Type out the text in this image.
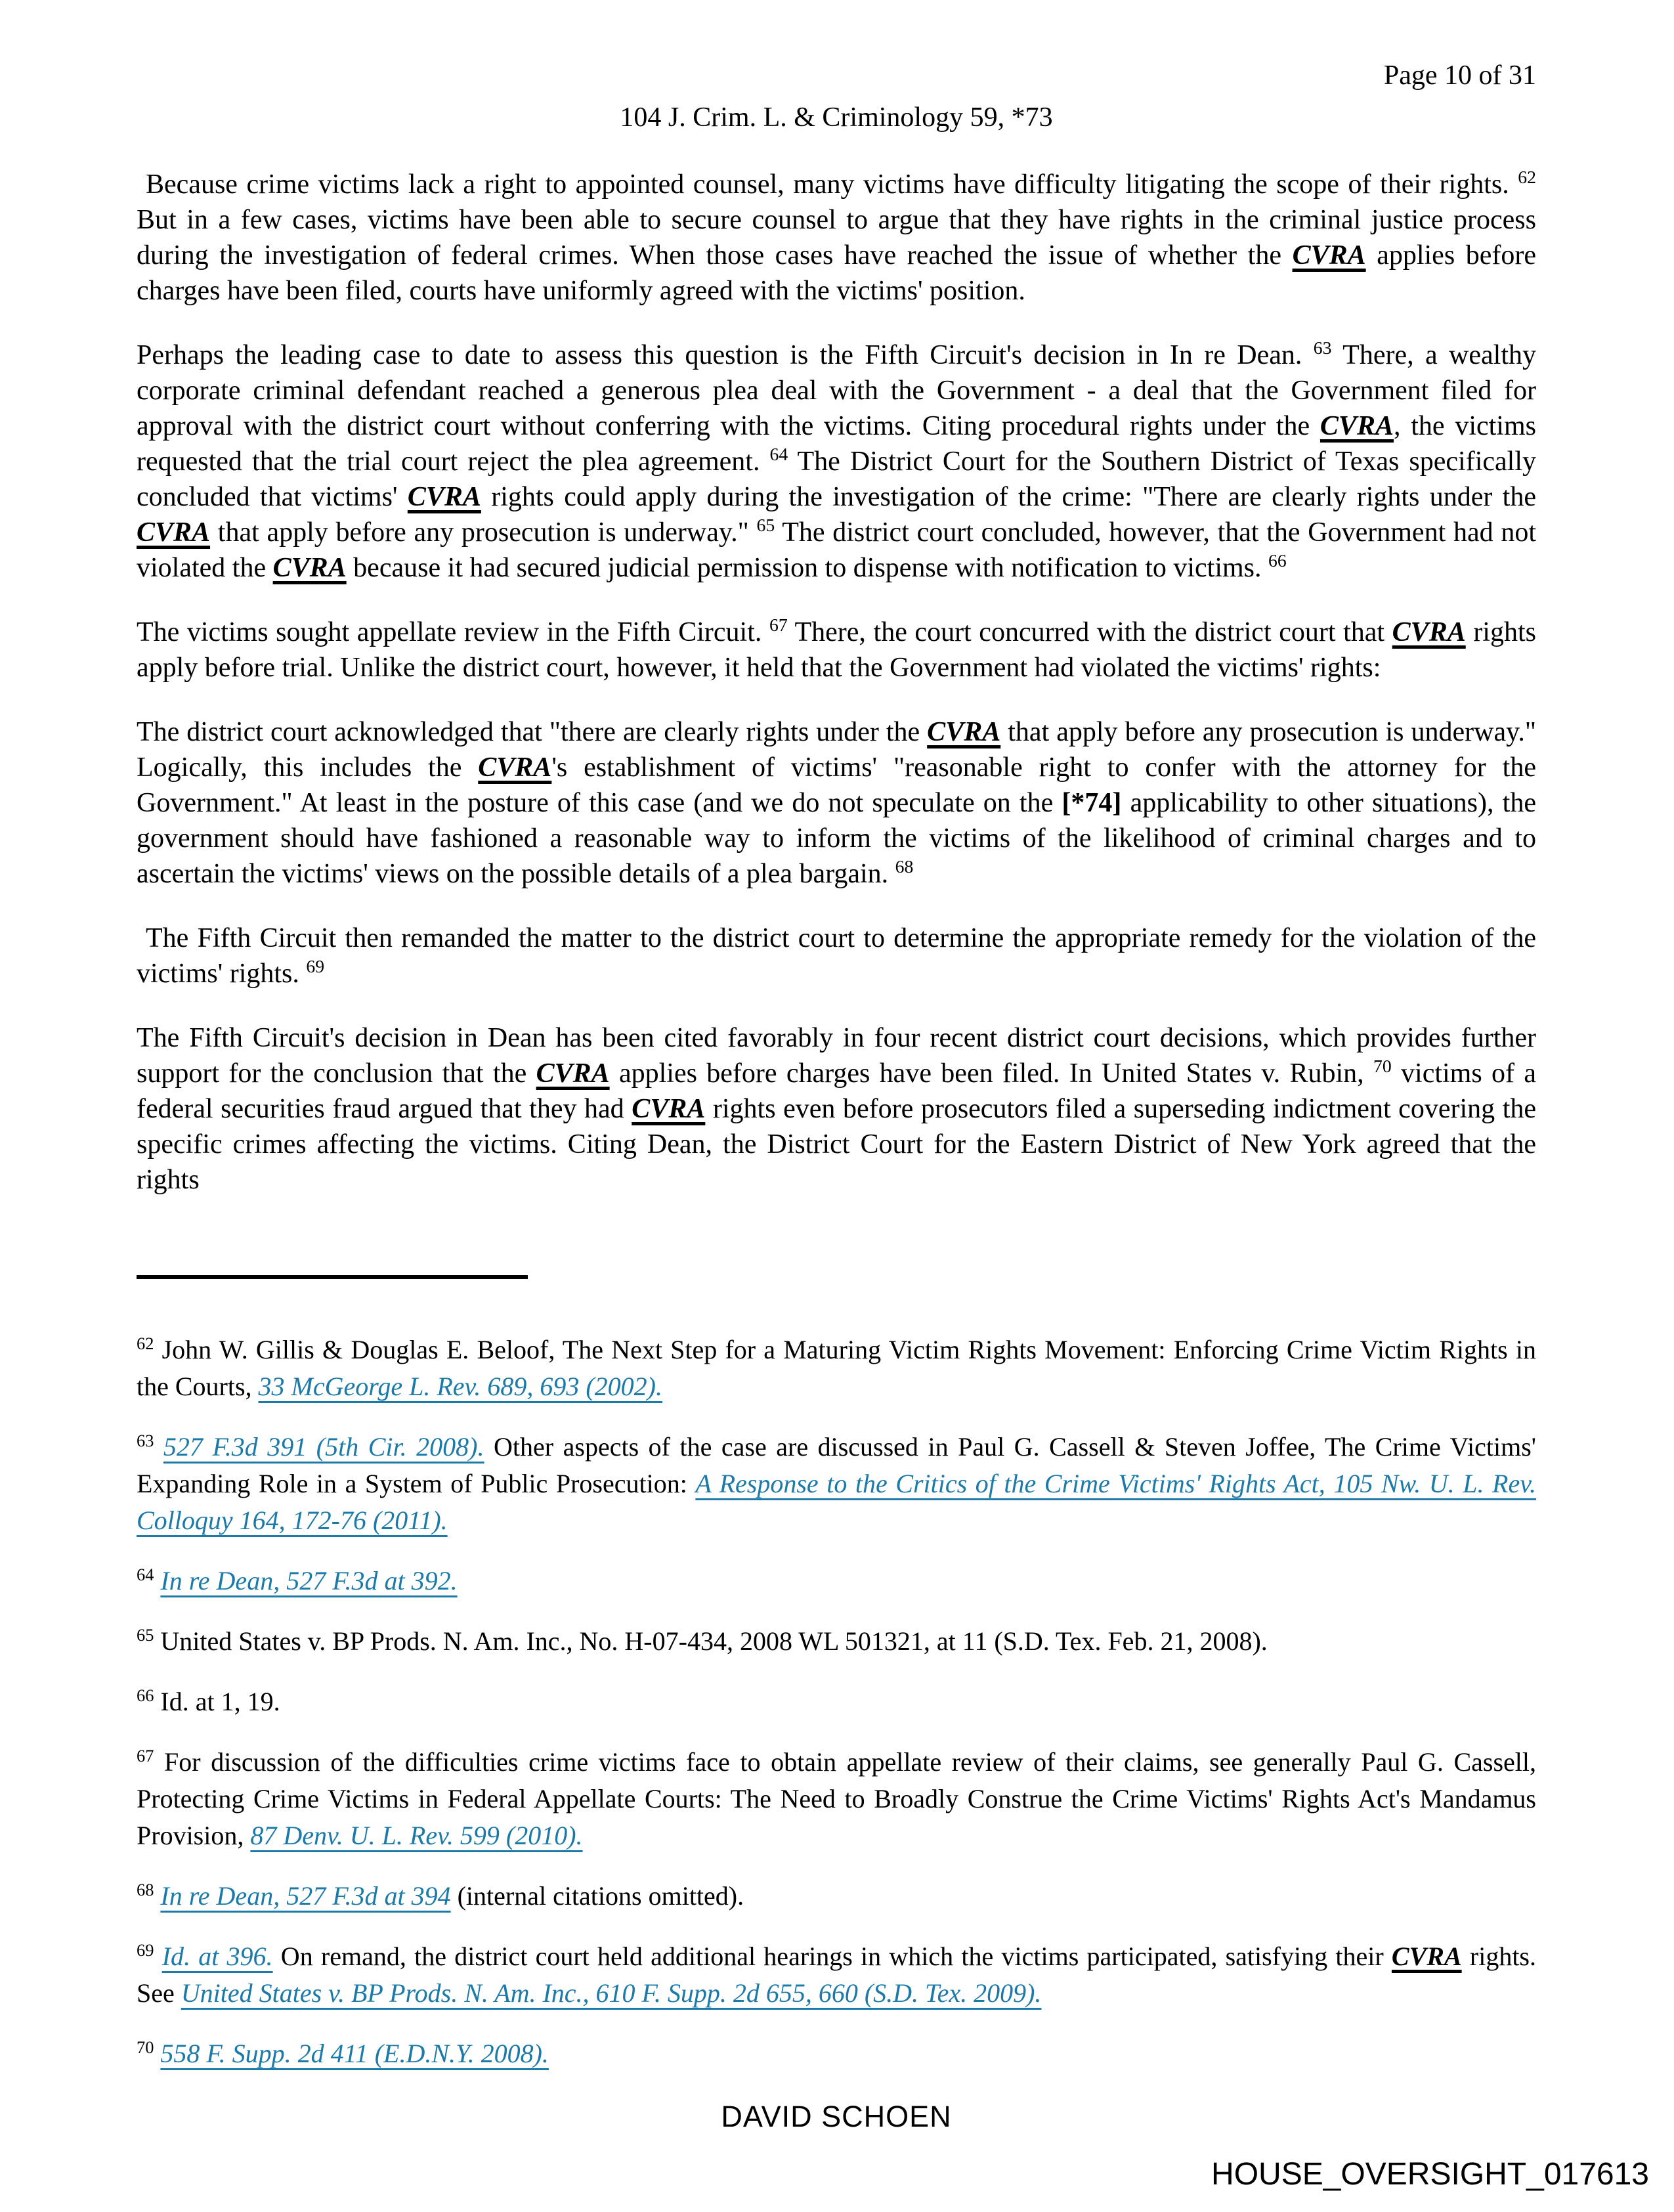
Page 10 of 31
104 J. Crim. L. & Criminology 59, *73

Because crime victims lack a right to appointed counsel, many victims have difficulty litigating the scope of their rights. $^{62}$ But in a few cases, victims have been able to secure counsel to argue that they have rights in the criminal justice process during the investigation of federal crimes. When those cases have reached the issue of whether the CVRA applies before charges have been filed, courts have uniformly agreed with the victims' position.

Perhaps the leading case to date to assess this question is the Fifth Circuit's decision in In re Dean. $^{63}$ There, a wealthy corporate criminal defendant reached a generous plea deal with the Government - a deal that the Government filed for approval with the district court without conferring with the victims. Citing procedural rights under the CVRA, the victims requested that the trial court reject the plea agreement. $^{64}$ The District Court for the Southern District of Texas specifically concluded that victims' CVRA rights could apply during the investigation of the crime: "There are clearly rights under the CVRA that apply before any prosecution is underway." $^{65}$ The district court concluded, however, that the Government had not violated the CVRA because it had secured judicial permission to dispense with notification to victims. $^{66}$

The victims sought appellate review in the Fifth Circuit. $^{67}$ There, the court concurred with the district court that CVRA rights apply before trial. Unlike the district court, however, it held that the Government had violated the victims' rights:

The district court acknowledged that "there are clearly rights under the CVRA that apply before any prosecution is underway." Logically, this includes the CVRA's establishment of victims' "reasonable right to confer with the attorney for the Government." At least in the posture of this case (and we do not speculate on the [*74] applicability to other situations), the government should have fashioned a reasonable way to inform the victims of the likelihood of criminal charges and to ascertain the victims' views on the possible details of a plea bargain. $^{68}$

The Fifth Circuit then remanded the matter to the district court to determine the appropriate remedy for the violation of the victims' rights. $^{69}$

The Fifth Circuit's decision in Dean has been cited favorably in four recent district court decisions, which provides further support for the conclusion that the CVRA applies before charges have been filed. In United States v. Rubin, $^{70}$ victims of a federal securities fraud argued that they had CVRA rights even before prosecutors filed a superseding indictment covering the specific crimes affecting the victims. Citing Dean, the District Court for the Eastern District of New York agreed that the rights

$^{62}$ John W. Gillis & Douglas E. Beloof, The Next Step for a Maturing Victim Rights Movement: Enforcing Crime Victim Rights in the Courts, 33 McGeorge L. Rev. 689, 693 (2002).

$^{63}$ 527 F.3d 391 (5th Cir. 2008). Other aspects of the case are discussed in Paul G. Cassell & Steven Joffee, The Crime Victims' Expanding Role in a System of Public Prosecution: A Response to the Critics of the Crime Victims' Rights Act, 105 Nw. U. L. Rev. Colloquy 164, 172-76 (2011).

$^{64}$ In re Dean, 527 F.3d at 392.

$^{65}$ United States v. BP Prods. N. Am. Inc., No. H-07-434, 2008 WL 501321, at 11 (S.D. Tex. Feb. 21, 2008).

$^{66}$ Id. at 1, 19.

$^{67}$ For discussion of the difficulties crime victims face to obtain appellate review of their claims, see generally Paul G. Cassell, Protecting Crime Victims in Federal Appellate Courts: The Need to Broadly Construe the Crime Victims' Rights Act's Mandamus Provision, 87 Denv. U. L. Rev. 599 (2010).

$^{68}$ In re Dean, 527 F.3d at 394 (internal citations omitted).

$^{69}$ Id. at 396. On remand, the district court held additional hearings in which the victims participated, satisfying their CVRA rights. See United States v. BP Prods. N. Am. Inc., 610 F. Supp. 2d 655, 660 (S.D. Tex. 2009).

$^{70}$ 558 F. Supp. 2d 411 (E.D.N.Y. 2008).

DAVID SCHOEN
HOUSE_OVERSIGHT_017613
